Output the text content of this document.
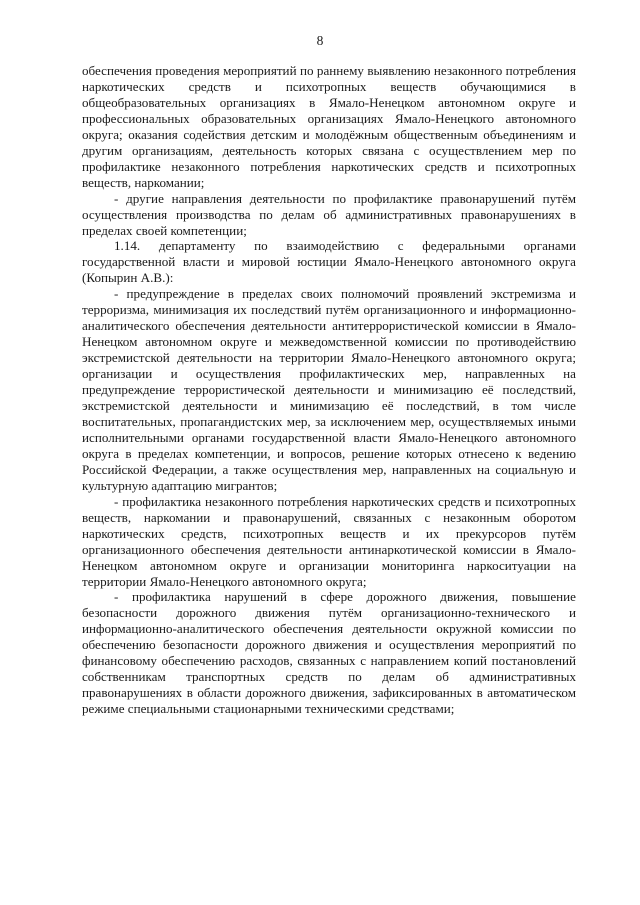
8

обеспечения проведения мероприятий по раннему выявлению незаконного потребления наркотических средств и психотропных веществ обучающимися в общеобразовательных организациях в Ямало-Ненецком автономном округе и профессиональных образовательных организациях Ямало-Ненецкого автономного округа; оказания содействия детским и молодёжным общественным объединениям и другим организациям, деятельность которых связана с осуществлением мер по профилактике незаконного потребления наркотических средств и психотропных веществ, наркомании;

- другие направления деятельности по профилактике правонарушений путём осуществления производства по делам об административных правонарушениях в пределах своей компетенции;

1.14. департаменту по взаимодействию с федеральными органами государственной власти и мировой юстиции Ямало-Ненецкого автономного округа (Копырин А.В.):

- предупреждение в пределах своих полномочий проявлений экстремизма и терроризма, минимизация их последствий путём организационного и информационно-аналитического обеспечения деятельности антитеррористической комиссии в Ямало-Ненецком автономном округе и межведомственной комиссии по противодействию экстремистской деятельности на территории Ямало-Ненецкого автономного округа; организации и осуществления профилактических мер, направленных на предупреждение террористической деятельности и минимизацию её последствий, экстремистской деятельности и минимизацию её последствий, в том числе воспитательных, пропагандистских мер, за исключением мер, осуществляемых иными исполнительными органами государственной власти Ямало-Ненецкого автономного округа в пределах компетенции, и вопросов, решение которых отнесено к ведению Российской Федерации, а также осуществления мер, направленных на социальную и культурную адаптацию мигрантов;

- профилактика незаконного потребления наркотических средств и психотропных веществ, наркомании и правонарушений, связанных с незаконным оборотом наркотических средств, психотропных веществ и их прекурсоров путём организационного обеспечения деятельности антинаркотической комиссии в Ямало-Ненецком автономном округе и организации мониторинга наркоситуации на территории Ямало-Ненецкого автономного округа;

- профилактика нарушений в сфере дорожного движения, повышение безопасности дорожного движения путём организационно-технического и информационно-аналитического обеспечения деятельности окружной комиссии по обеспечению безопасности дорожного движения и осуществления мероприятий по финансовому обеспечению расходов, связанных с направлением копий постановлений собственникам транспортных средств по делам об административных правонарушениях в области дорожного движения, зафиксированных в автоматическом режиме специальными стационарными техническими средствами;
